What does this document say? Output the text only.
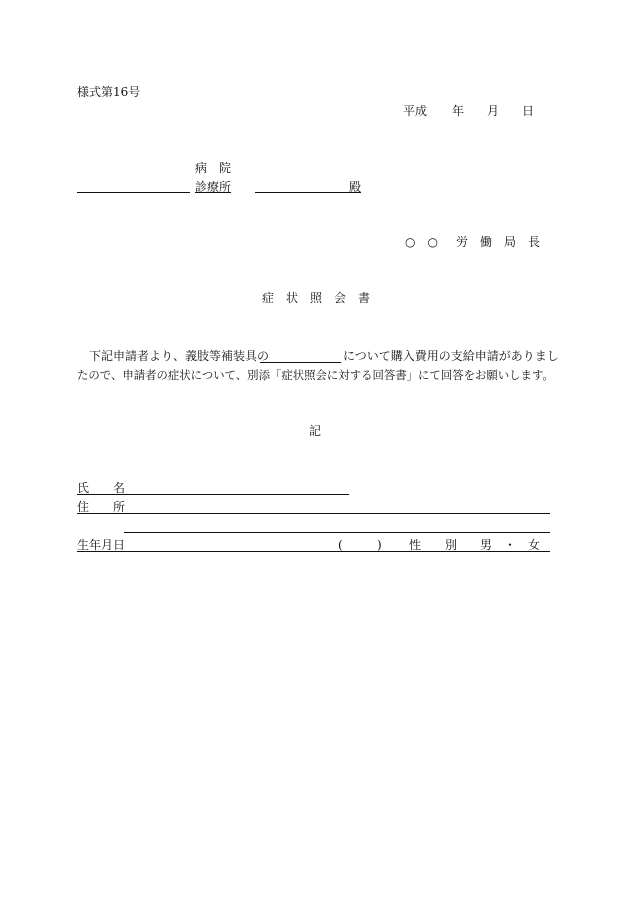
様式第16号
平成 年 月 日
病　院
診療所	殿
○　○ 労　働　局　長
症　状　照　会　書
下記申請者より、義肢等補装具の	について購入費用の支給申請がありまし
たので、申請者の症状について、別添「症状照会に対する回答書」にて回答をお願いします。
記
氏　　名
住　　所
生年月日	(	) 性　　別 男　・　女
